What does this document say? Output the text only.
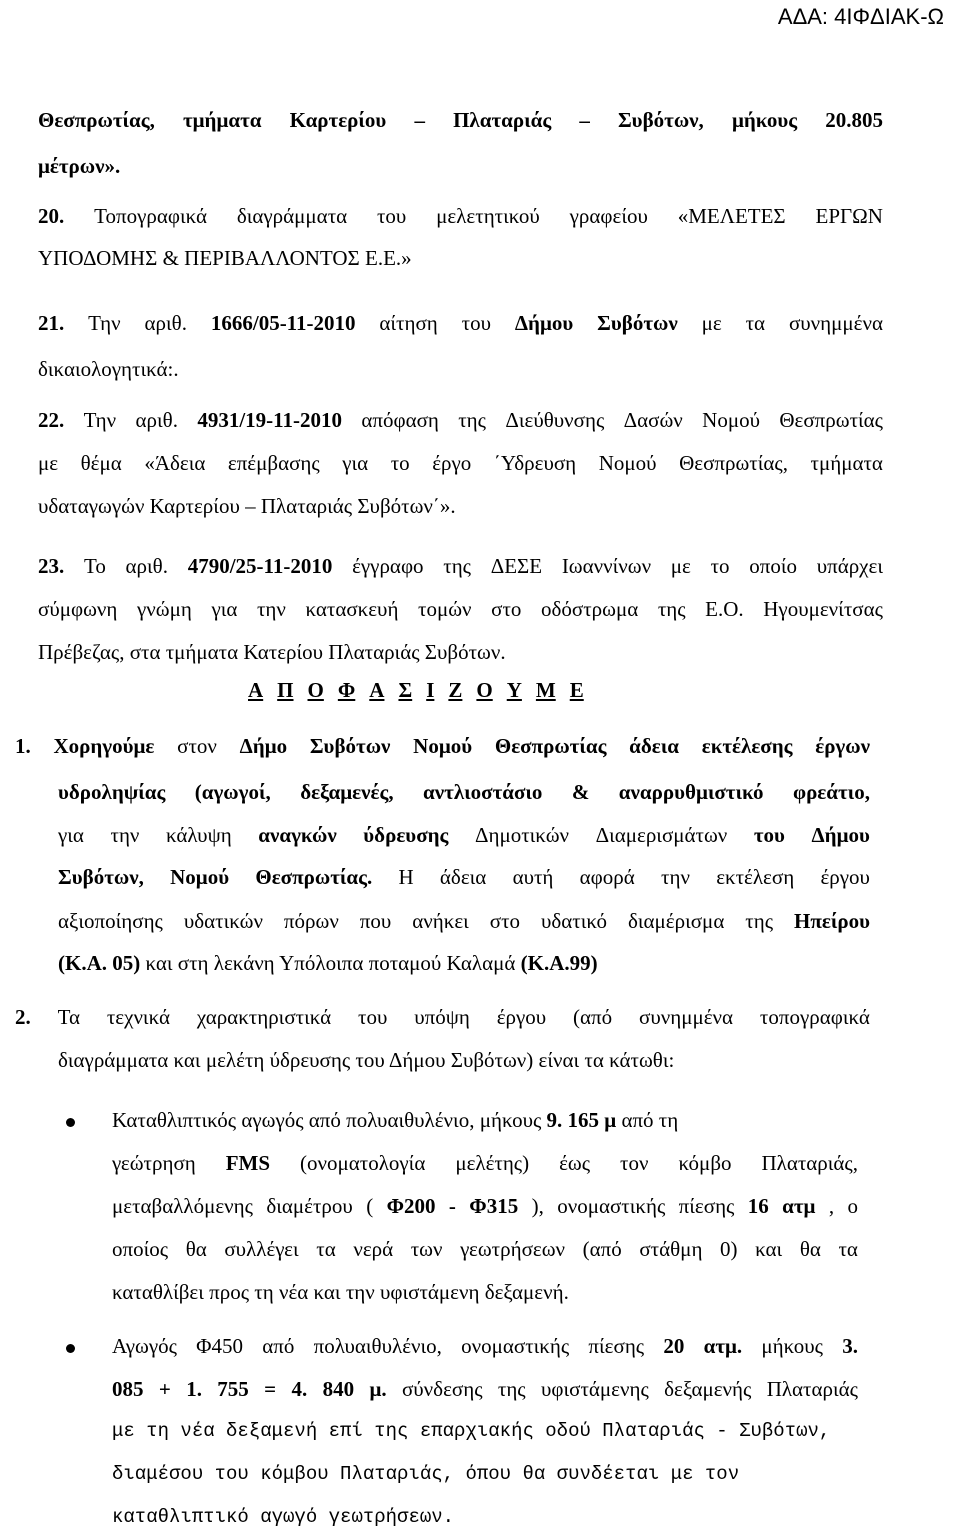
ΑΔΑ: 4ΙΦΔΙΑΚ-Ω
Θεσπρωτίας, τμήματα Καρτερίου – Πλαταριάς – Συβότων, μήκους 20.805
μέτρων».
20. Τοπογραφικά διαγράμματα του μελετητικού γραφείου «ΜΕΛΕΤΕΣ ΕΡΓΩΝ
ΥΠΟΔΟΜΗΣ & ΠΕΡΙΒΑΛΛΟΝΤΟΣ Ε.Ε.»
21. Την αριθ. 1666/05-11-2010 αίτηση του Δήμου Συβότων με τα συνημμένα
δικαιολογητικά:.
22. Την αριθ. 4931/19-11-2010 απόφαση της Διεύθυνσης Δασών Νομού Θεσπρωτίας
με θέμα «Άδεια επέμβασης για το έργο ΄Υδρευση Νομού Θεσπρωτίας, τμήματα
υδαταγωγών Καρτερίου – Πλαταριάς Συβότων΄».
23. Το αριθ. 4790/25-11-2010 έγγραφο της ΔΕΣΕ Ιωαννίνων με το οποίο υπάρχει
σύμφωνη γνώμη για την κατασκευή τομών στο οδόστρωμα της Ε.Ο. Ηγουμενίτσας
Πρέβεζας, στα τμήματα Κατερίου Πλαταριάς Συβότων.
1. Χορηγούμε στον Δήμο Συβότων Νομού Θεσπρωτίας άδεια εκτέλεσης έργων
υδροληψίας (αγωγοί, δεξαμενές, αντλιοστάσιο & αναρρυθμιστικό φρεάτιο,
για την κάλυψη αναγκών ύδρευσης Δημοτικών Διαμερισμάτων του Δήμου
Συβότων, Νομού Θεσπρωτίας. Η άδεια αυτή αφορά την εκτέλεση έργου
αξιοποίησης υδατικών πόρων που ανήκει στο υδατικό διαμέρισμα της Ηπείρου
(Κ.Α. 05) και στη λεκάνη Υπόλοιπα ποταμού Καλαμά (Κ.Α.99)
2. Τα τεχνικά χαρακτηριστικά του υπόψη έργου (από συνημμένα τοπογραφικά
διαγράμματα και μελέτη ύδρευσης του Δήμου Συβότων) είναι τα κάτωθι:
Καταθλιπτικός αγωγός από πολυαιθυλένιο, μήκους 9. 165 μ από τη
γεώτρηση FMS (ονοματολογία μελέτης) έως τον κόμβο Πλαταριάς,
μεταβαλλόμενης διαμέτρου ( Φ200 - Φ315 ), ονομαστικής πίεσης 16 ατμ , ο
οποίος θα συλλέγει τα νερά των γεωτρήσεων (από στάθμη 0) και θα τα
καταθλίβει προς τη νέα και την υφιστάμενη δεξαμενή.
Αγωγός Φ450 από πολυαιθυλένιο, ονομαστικής πίεσης 20 ατμ. μήκους 3.
085 + 1. 755 = 4. 840 μ. σύνδεσης της υφιστάμενης δεξαμενής Πλαταριάς
με τη νέα δεξαμενή επί της επαρχιακής οδού Πλαταριάς - Συβότων,
διαμέσου του κόμβου Πλαταριάς, όπου θα συνδέεται με τον
καταθλιπτικό αγωγό γεωτρήσεων.
Α Π Ο Φ Α Σ Ι Ζ Ο Υ Μ Ε
